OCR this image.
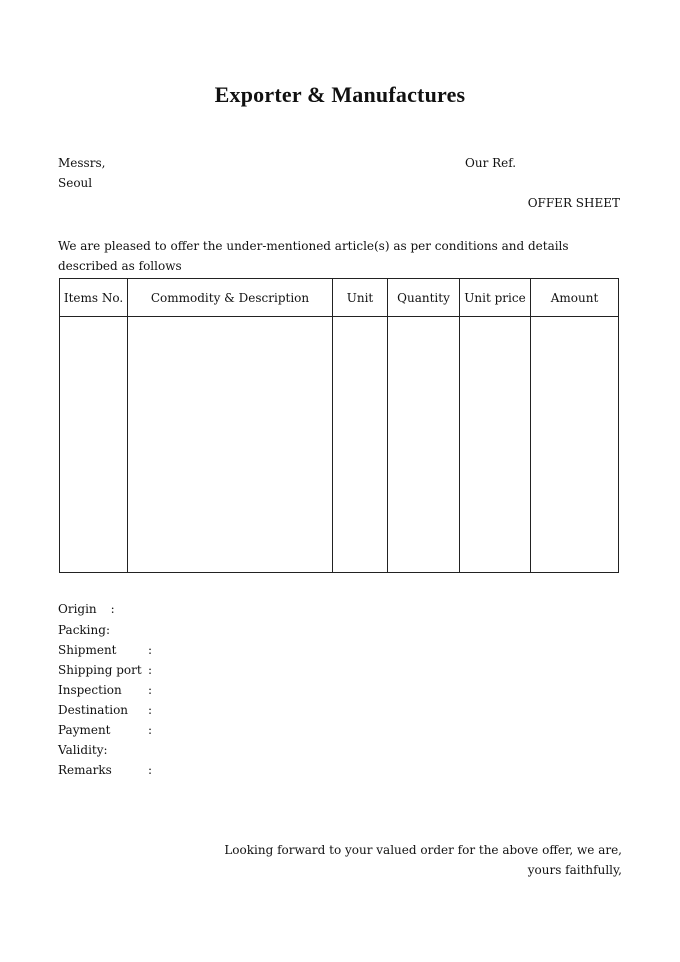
Exporter & Manufactures
Messrs,
Seoul
Our Ref.
OFFER SHEET
We are pleased to offer the under-mentioned article(s) as per conditions and details described as follows
Items No.	Commodity & Description	Unit	Quantity	Unit price	Amount

Origin :
Packing:
Shipment	:
Shipping port :
Inspection	:
Destination	:
Payment	:
Validity:
Remarks	:
Looking forward to your valued order for the above offer, we are,
yours faithfully,
